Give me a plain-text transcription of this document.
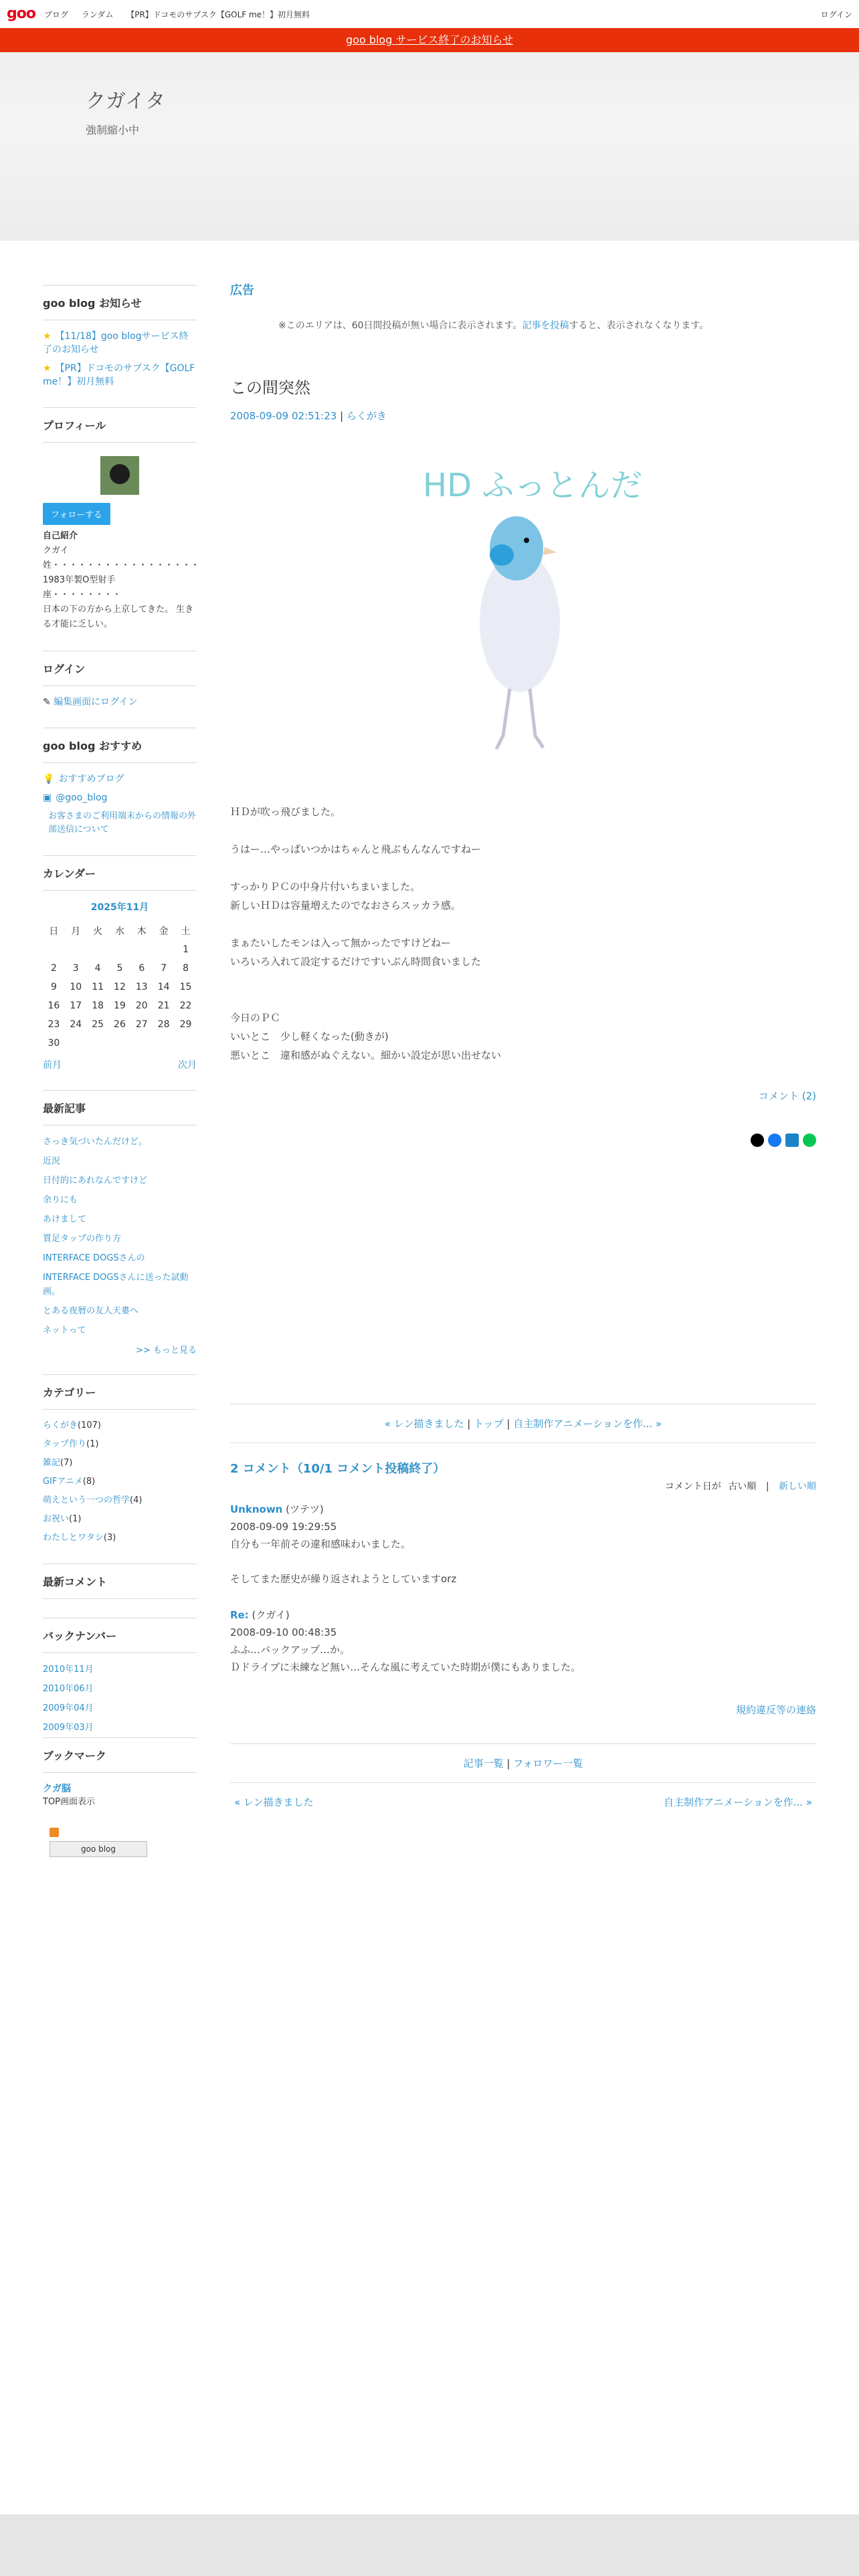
goo ブログ ランダム 【PR】ドコモのサブスク【GOLF me！】初月無料	ログイン
goo blog サービス終了のお知らせ
クガイタ
強制縮小中
goo blog お知らせ
★ 【11/18】goo blogサービス終了のお知らせ
★ 【PR】ドコモのサブスク【GOLF me！】初月無料
プロフィール
フォローする
自己紹介
クガイ
姓・・・・・・・・・・・・・・・・・
1983年製O型射手
座・・・・・・・・
日本の下の方から上京してきた。 生きる才能に乏しい。
ログイン
✎ 編集画面にログイン
goo blog おすすめ
💡 おすすめブログ
▣ @goo_blog
お客さまのご利用端末からの情報の外部送信について
カレンダー
2025年11月
日	月	火	水	木	金	土
						1
2	3	4	5	6	7	8
9	10	11	12	13	14	15
16	17	18	19	20	21	22
23	24	25	26	27	28	29
30						
前月	次月
最新記事
さっき気づいたんだけど。
近況
日付的にあれなんですけど
余りにも
あけまして
質足タップの作り方
INTERFACE DOGSさんの
INTERFACE DOGSさんに送った試動画。
とある夜暦の友人天婁へ
ネットって
>> もっと見る
カテゴリー
らくがき(107)
タップ作り(1)
雑記(7)
GIFアニメ(8)
萌えという一つの哲学(4)
お祝い(1)
わたしとワタシ(3)
最新コメント
バックナンバー
2010年11月
2010年06月
2009年04月
2009年03月
ブックマーク
クガ脳
TOP画面表示
goo blog
広告
※このエリアは、60日間投稿が無い場合に表示されます。記事を投稿すると、表示されなくなります。
この間突然
2008-09-09 02:51:23 | らくがき
HD ふっとんだ
ＨＤが吹っ飛びました。

うはー…やっぱいつかはちゃんと飛ぶもんなんですねー

すっかりＰＣの中身片付いちまいました。
新しいＨＤは容量増えたのでなおさらスッカラ感。

まぁたいしたモンは入って無かったですけどねー
いろいろ入れて設定するだけですいぶん時間食いました

今日のＰＣ
いいとこ　少し軽くなった(動きが)
悪いとこ　違和感がぬぐえない。細かい設定が思い出せない
コメント (2)
« レン描きました | トップ | 自主制作アニメーションを作... »
2 コメント（10/1 コメント投稿終了）
コメント日が 古い順 | 新しい順
Unknown (ツテツ)
2008-09-09 19:29:55
自分も一年前その違和感味わいました。

そしてまた歴史が繰り返されようとしていますorz
Re: (クガイ)
2008-09-10 00:48:35
ふふ…バックアップ…か。
Ｄドライブに未練など無い…そんな風に考えていた時期が僕にもありました。
規約違反等の連絡
記事一覧 | フォロワー一覧
« レン描きました	自主制作アニメーションを作... »
